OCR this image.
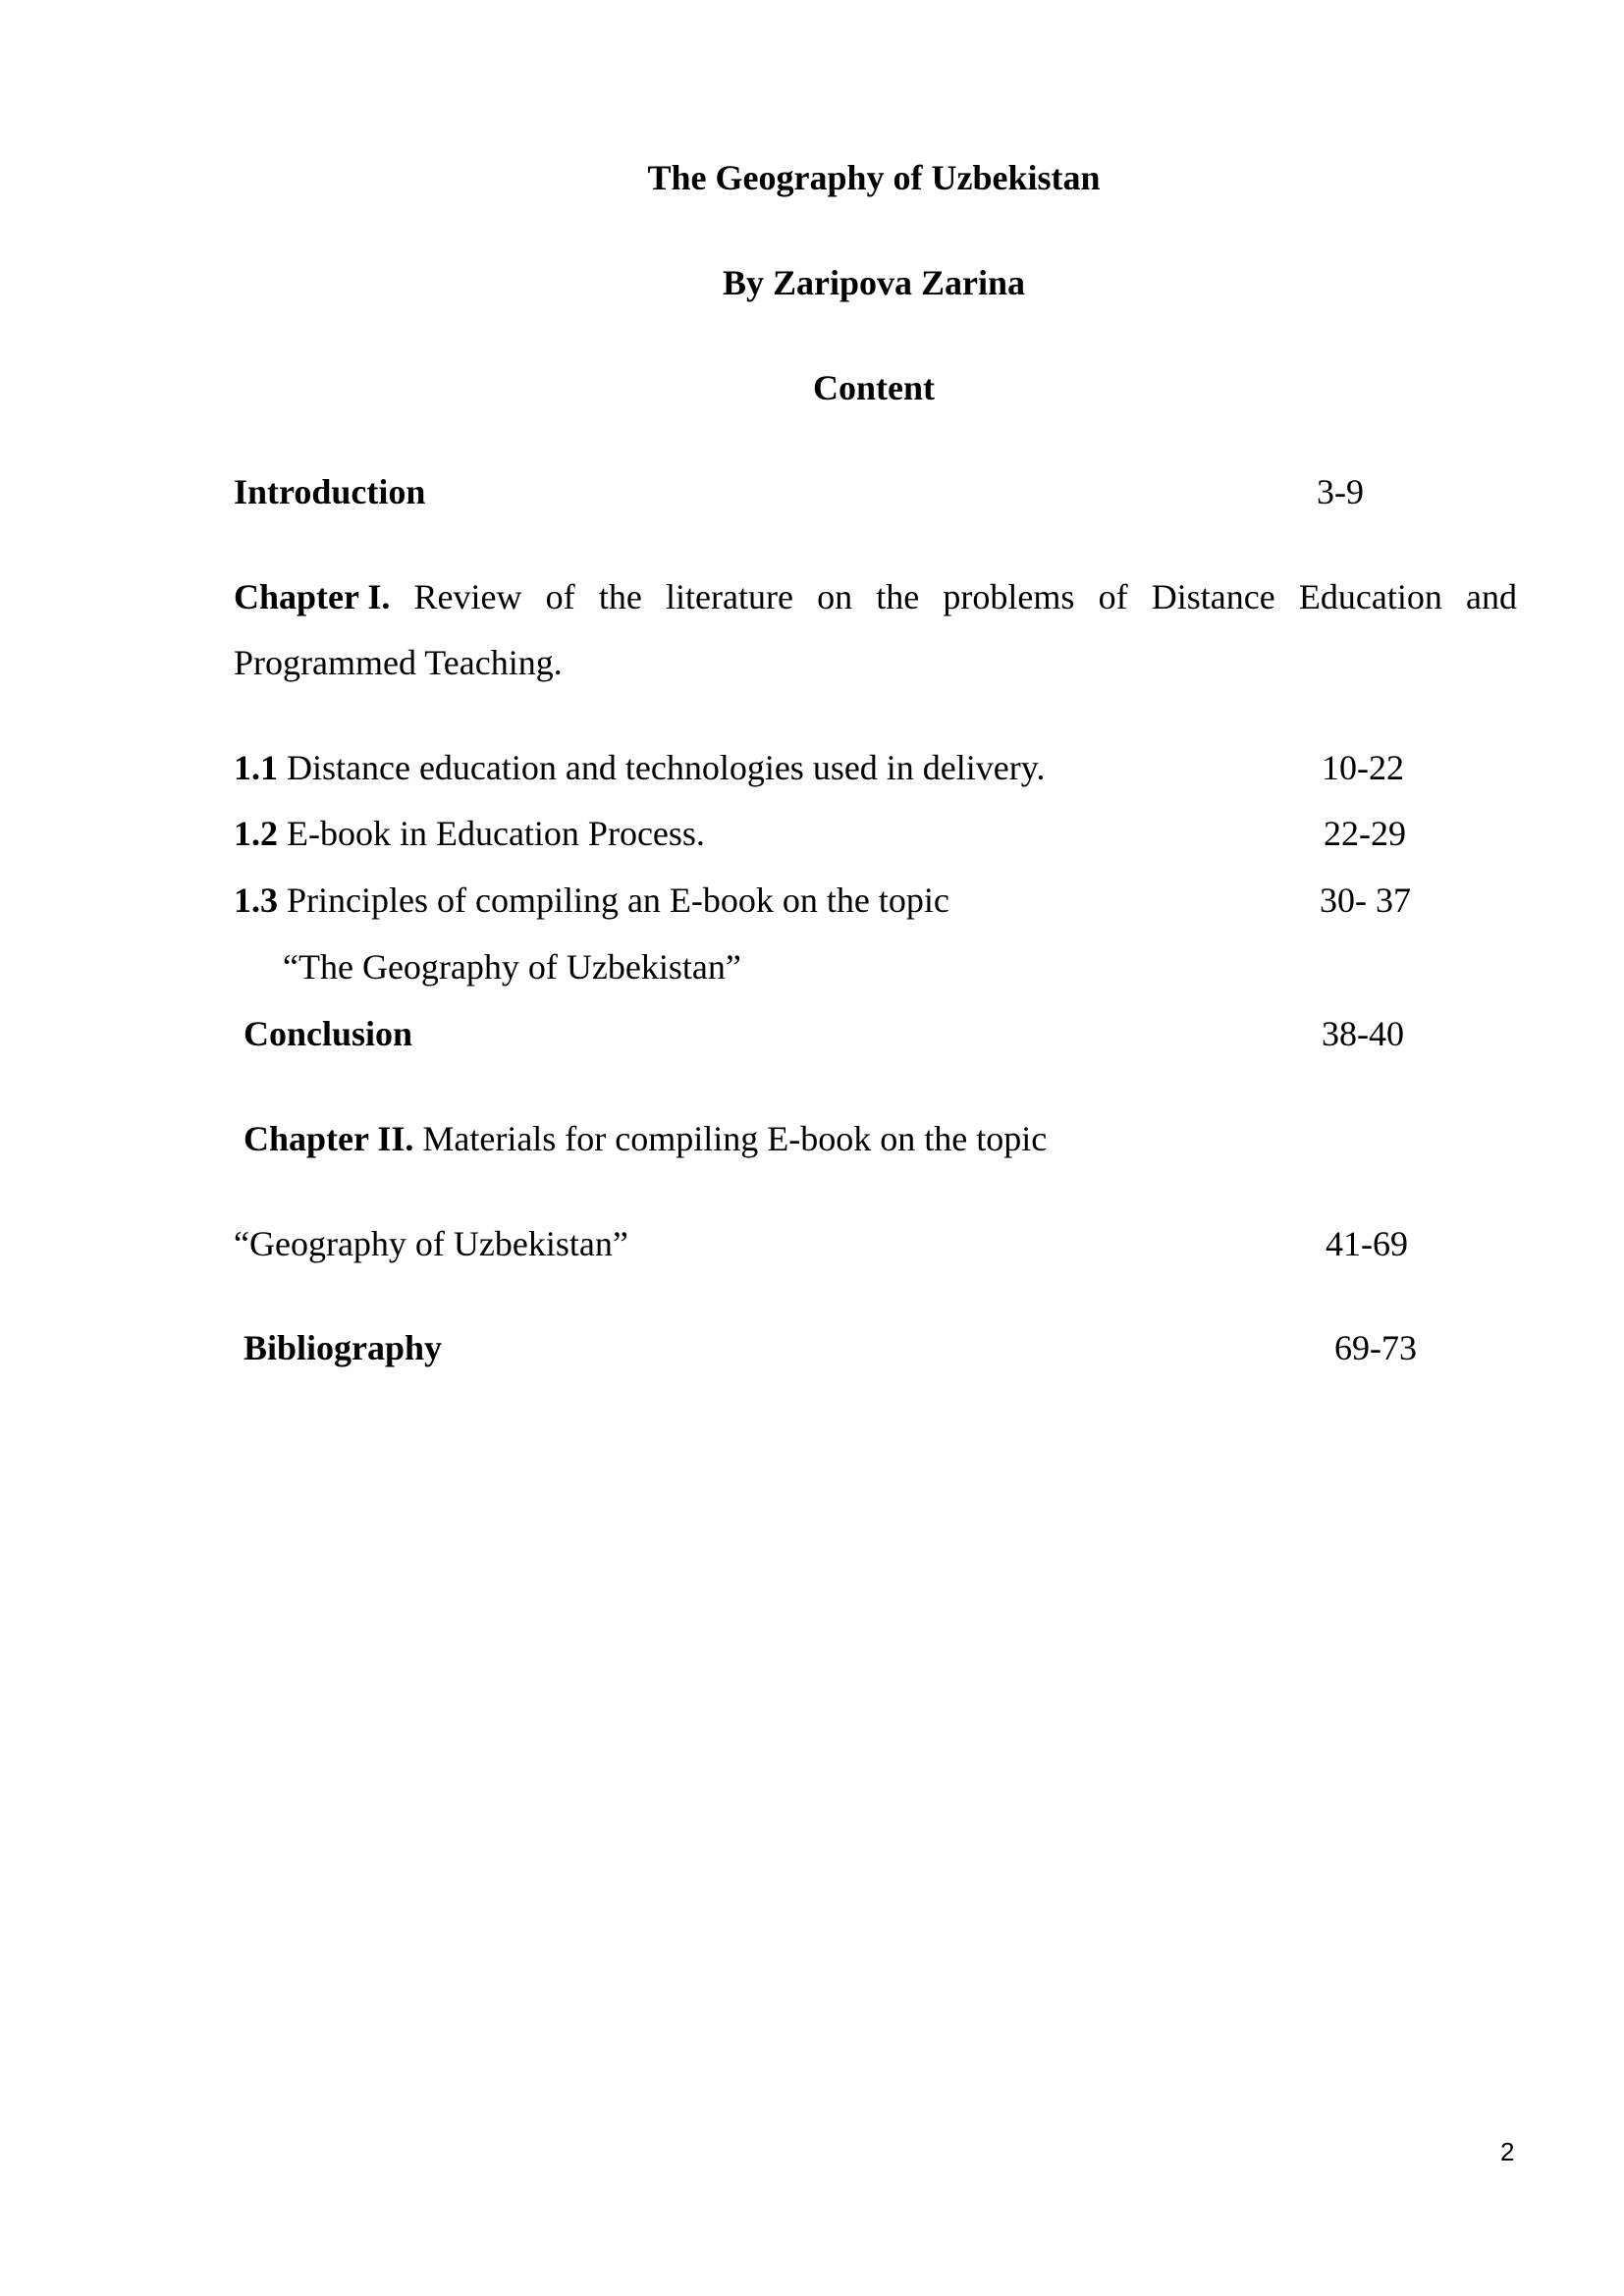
The Geography of Uzbekistan
By Zaripova Zarina
Content
Introduction	3-9
Chapter I. Review of the literature on the problems of Distance Education and
Programmed Teaching.
1.1 Distance education and technologies used in delivery.	10-22
1.2 E-book in Education Process.	22-29
1.3 Principles of compiling an E-book on the topic	30- 37
“The Geography of Uzbekistan”
Conclusion	38-40
Chapter II. Materials for compiling E-book on the topic
“Geography of Uzbekistan”	41-69
Bibliography	69-73
2
